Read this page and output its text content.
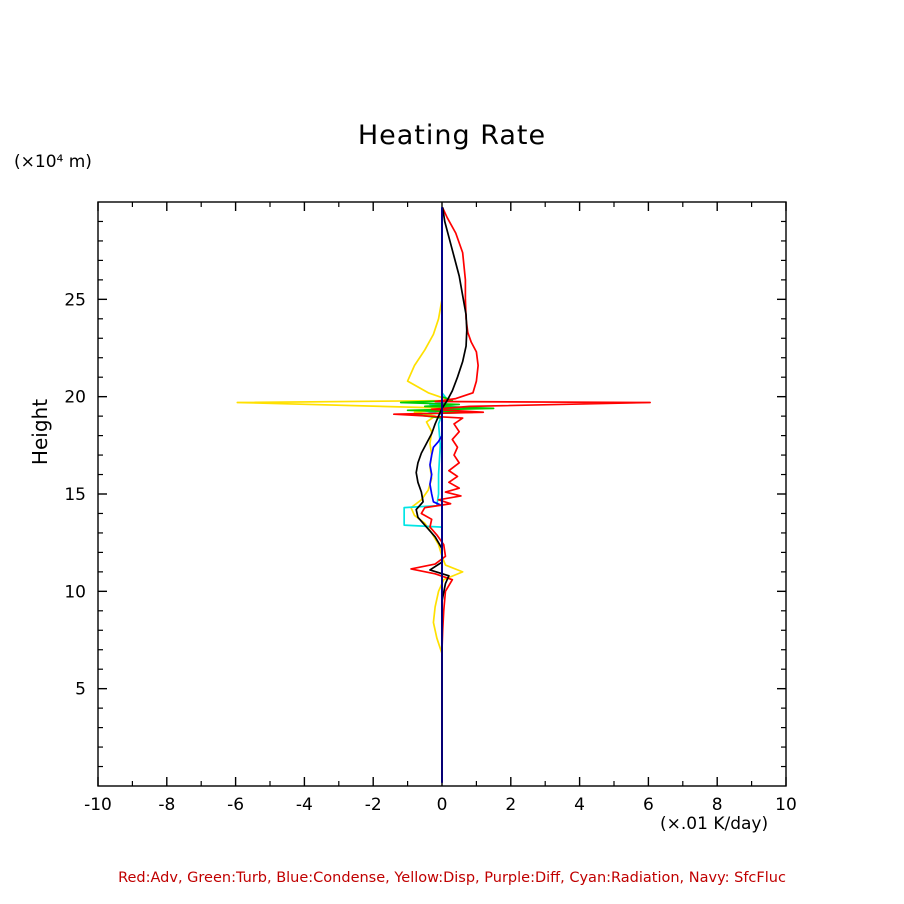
(×10⁴ m)
Heating Rate
Height
-10	-8	-6	-4	-2	0	2	4	6	8	10
5
10
15
20
25
(×.01 K/day)
Red:Adv, Green:Turb, Blue:Condense, Yellow:Disp, Purple:Diff, Cyan:Radiation, Navy: SfcFluc
